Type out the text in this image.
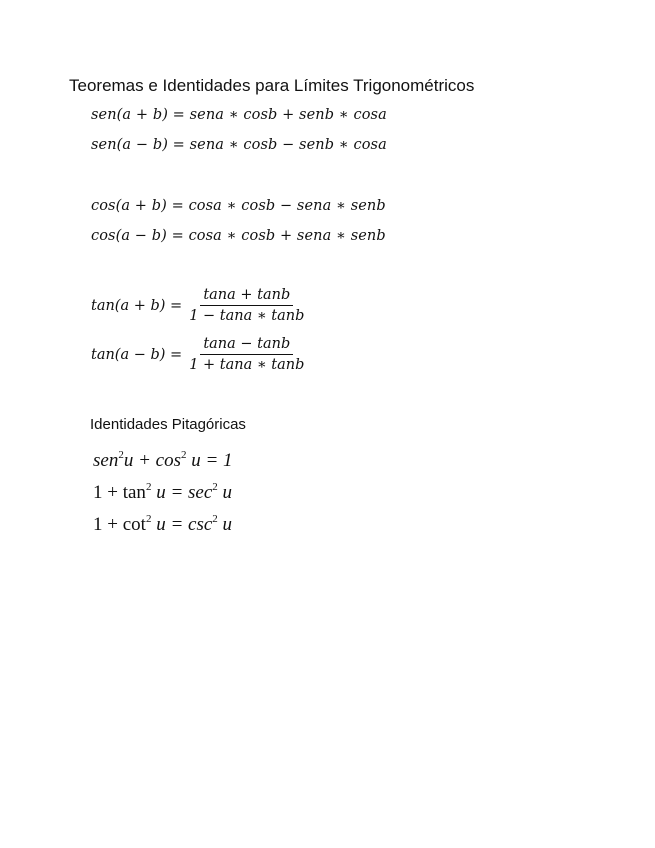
Teoremas e Identidades para Límites Trigonométricos
sen(a + b) = sena ∗ cosb + senb ∗ cosa
sen(a − b) = sena ∗ cosb − senb ∗ cosa
cos(a + b) = cosa ∗ cosb − sena ∗ senb
cos(a − b) = cosa ∗ cosb + sena ∗ senb
$\tan(a + b) = \frac{\tan a + \tan b}{1 - \tan a ∗ \tan b}$
$\tan(a - b) = \frac{\tan a - \tan b}{1 + \tan a ∗ \tan b}$
Identidades Pitagóricas
$sen^2u + \cos^2 u = 1$
$1 + \tan^2 u = \sec^2 u$
$1 + \cot^2 u = \csc^2 u$
